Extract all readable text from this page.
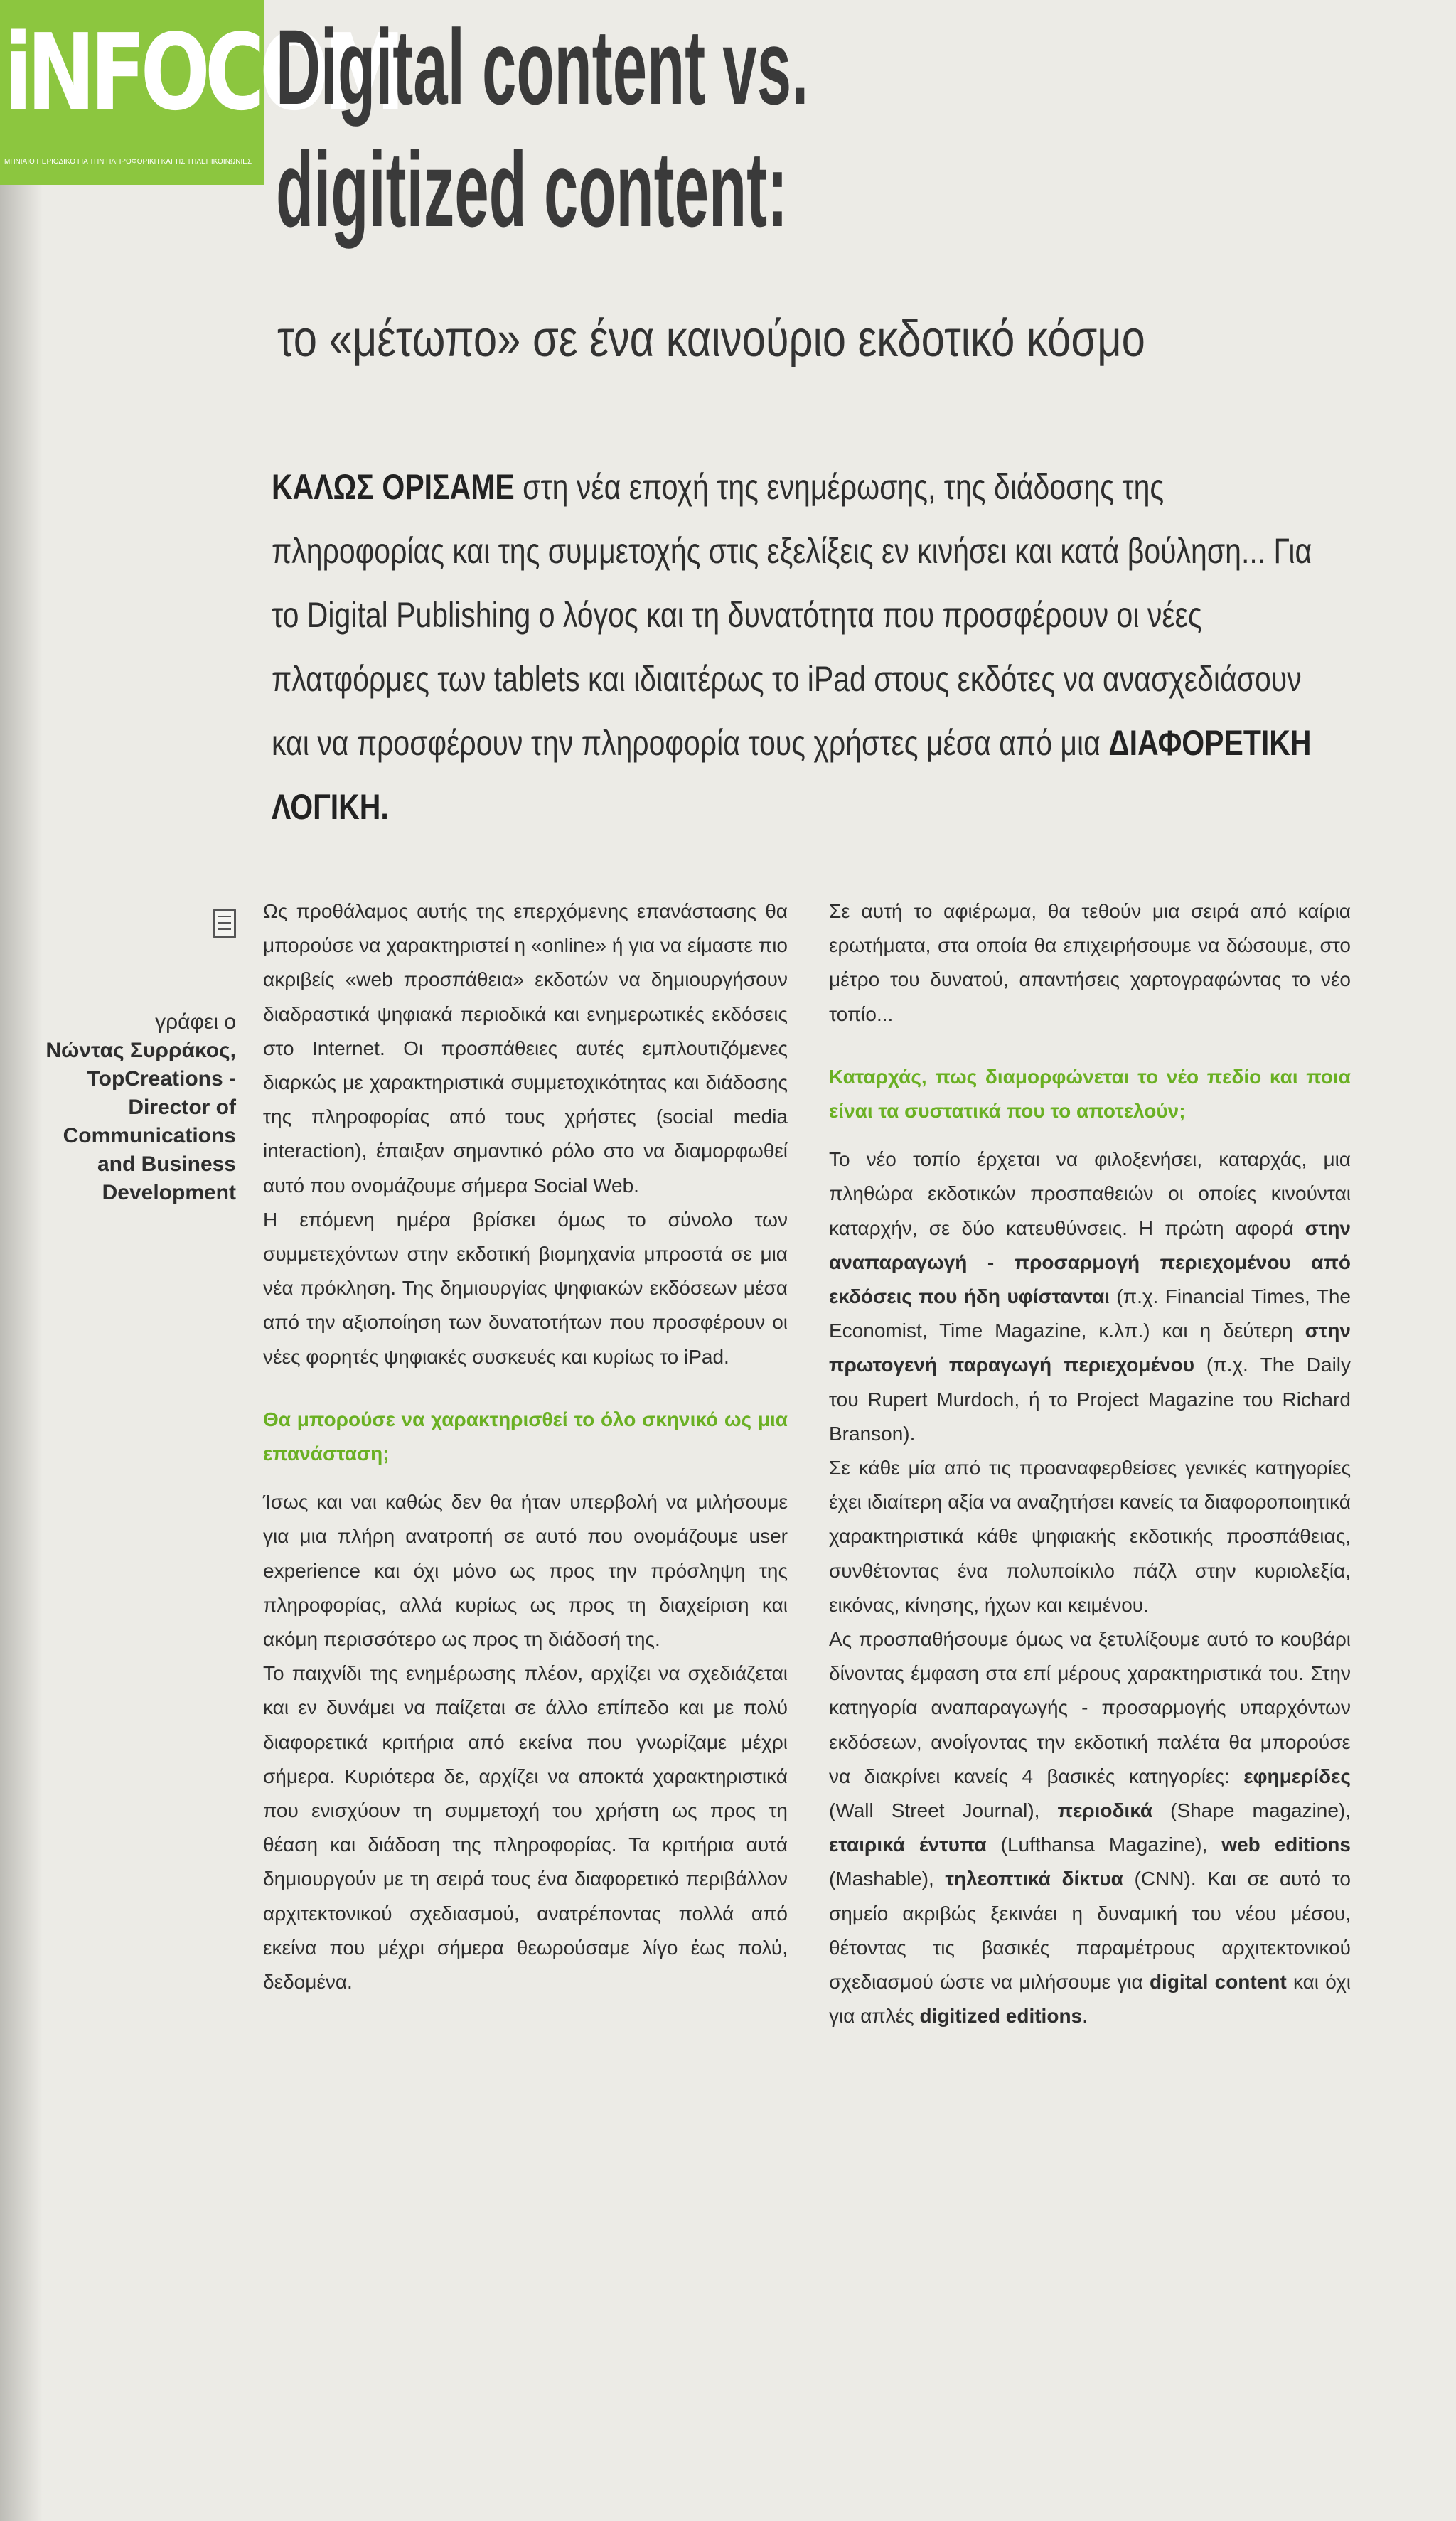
iNFOCOM
ΜΗΝΙΑΙΟ ΠΕΡΙΟΔΙΚΟ ΓΙΑ ΤΗΝ ΠΛΗΡΟΦΟΡΙΚΗ ΚΑΙ ΤΙΣ ΤΗΛΕΠΙΚΟΙΝΩΝΙΕΣ
Digital content vs.
digitized content:
το «μέτωπο» σε ένα καινούριο εκδοτικό κόσμο
ΚΑΛΩΣ ΟΡΙΣΑΜΕ στη νέα εποχή της ενημέρωσης, της διάδοσης της πληροφορίας και της συμμετοχής στις εξελίξεις εν κινήσει και κατά βούληση... Για το Digital Publishing ο λόγος και τη δυνατότητα που προσφέρουν οι νέες πλατφόρμες των tablets και ιδιαιτέρως το iPad στους εκδότες να ανασχεδιάσουν και να προσφέρουν την πληροφορία τους χρήστες μέσα από μια ΔΙΑΦΟΡΕΤΙΚΗ ΛΟΓΙΚΗ.
γράφει ο
Νώντας Συρράκος,
TopCreations - Director of Communications and Business Development

Ως προθάλαμος αυτής της επερχόμενης επανάστασης θα μπορούσε να χαρακτηριστεί η «online» ή για να είμαστε πιο ακριβείς «web προσπάθεια» εκδοτών να δημιουργήσουν διαδραστικά ψηφιακά περιοδικά και ενημερωτικές εκδόσεις στο Internet. Οι προσπάθειες αυτές εμπλουτιζόμενες διαρκώς με χαρακτηριστικά συμμετοχικότητας και διάδοσης της πληροφορίας από τους χρήστες (social media interaction), έπαιξαν σημαντικό ρόλο στο να διαμορφωθεί αυτό που ονομάζουμε σήμερα Social Web.

Η επόμενη ημέρα βρίσκει όμως το σύνολο των συμμετεχόντων στην εκδοτική βιομηχανία μπροστά σε μια νέα πρόκληση. Της δημιουργίας ψηφιακών εκδόσεων μέσα από την αξιοποίηση των δυνατοτήτων που προσφέρουν οι νέες φορητές ψηφιακές συσκευές και κυρίως το iPad.

Θα μπορούσε να χαρακτηρισθεί το όλο σκηνικό ως μια επανάσταση;

Ίσως και ναι καθώς δεν θα ήταν υπερβολή να μιλήσουμε για μια πλήρη ανατροπή σε αυτό που ονομάζουμε user experience και όχι μόνο ως προς την πρόσληψη της πληροφορίας, αλλά κυρίως ως προς τη διαχείριση και ακόμη περισσότερο ως προς τη διάδοσή της.

Το παιχνίδι της ενημέρωσης πλέον, αρχίζει να σχεδιάζεται και εν δυνάμει να παίζεται σε άλλο επίπεδο και με πολύ διαφορετικά κριτήρια από εκείνα που γνωρίζαμε μέχρι σήμερα. Κυριότερα δε, αρχίζει να αποκτά χαρακτηριστικά που ενισχύουν τη συμμετοχή του χρήστη ως προς τη θέαση και διάδοση της πληροφορίας. Τα κριτήρια αυτά δημιουργούν με τη σειρά τους ένα διαφορετικό περιβάλλον αρχιτεκτονικού σχεδιασμού, ανατρέποντας πολλά από εκείνα που μέχρι σήμερα θεωρούσαμε λίγο έως πολύ, δεδομένα.

Σε αυτή το αφιέρωμα, θα τεθούν μια σειρά από καίρια ερωτήματα, στα οποία θα επιχειρήσουμε να δώσουμε, στο μέτρο του δυνατού, απαντήσεις χαρτογραφώντας το νέο τοπίο...

Καταρχάς, πως διαμορφώνεται το νέο πεδίο και ποια είναι τα συστατικά που το αποτελούν;

Το νέο τοπίο έρχεται να φιλοξενήσει, καταρχάς, μια πληθώρα εκδοτικών προσπαθειών οι οποίες κινούνται καταρχήν, σε δύο κατευθύνσεις. Η πρώτη αφορά στην αναπαραγωγή - προσαρμογή περιεχομένου από εκδόσεις που ήδη υφίστανται (π.χ. Financial Times, The Economist, Time Magazine, κ.λπ.) και η δεύτερη στην πρωτογενή παραγωγή περιεχομένου (π.χ. The Daily του Rupert Murdoch, ή το Project Magazine του Richard Branson).

Σε κάθε μία από τις προαναφερθείσες γενικές κατηγορίες έχει ιδιαίτερη αξία να αναζητήσει κανείς τα διαφοροποιητικά χαρακτηριστικά κάθε ψηφιακής εκδοτικής προσπάθειας, συνθέτοντας ένα πολυποίκιλο πάζλ στην κυριολεξία, εικόνας, κίνησης, ήχων και κειμένου.

Ας προσπαθήσουμε όμως να ξετυλίξουμε αυτό το κουβάρι δίνοντας έμφαση στα επί μέρους χαρακτηριστικά του. Στην κατηγορία αναπαραγωγής - προσαρμογής υπαρχόντων εκδόσεων, ανοίγοντας την εκδοτική παλέτα θα μπορούσε να διακρίνει κανείς 4 βασικές κατηγορίες: εφημερίδες (Wall Street Journal), περιοδικά (Shape magazine), εταιρικά έντυπα (Lufthansa Magazine), web editions (Mashable), τηλεοπτικά δίκτυα (CNN). Και σε αυτό το σημείο ακριβώς ξεκινάει η δυναμική του νέου μέσου, θέτοντας τις βασικές παραμέτρους αρχιτεκτονικού σχεδιασμού ώστε να μιλήσουμε για digital content και όχι για απλές digitized editions.
